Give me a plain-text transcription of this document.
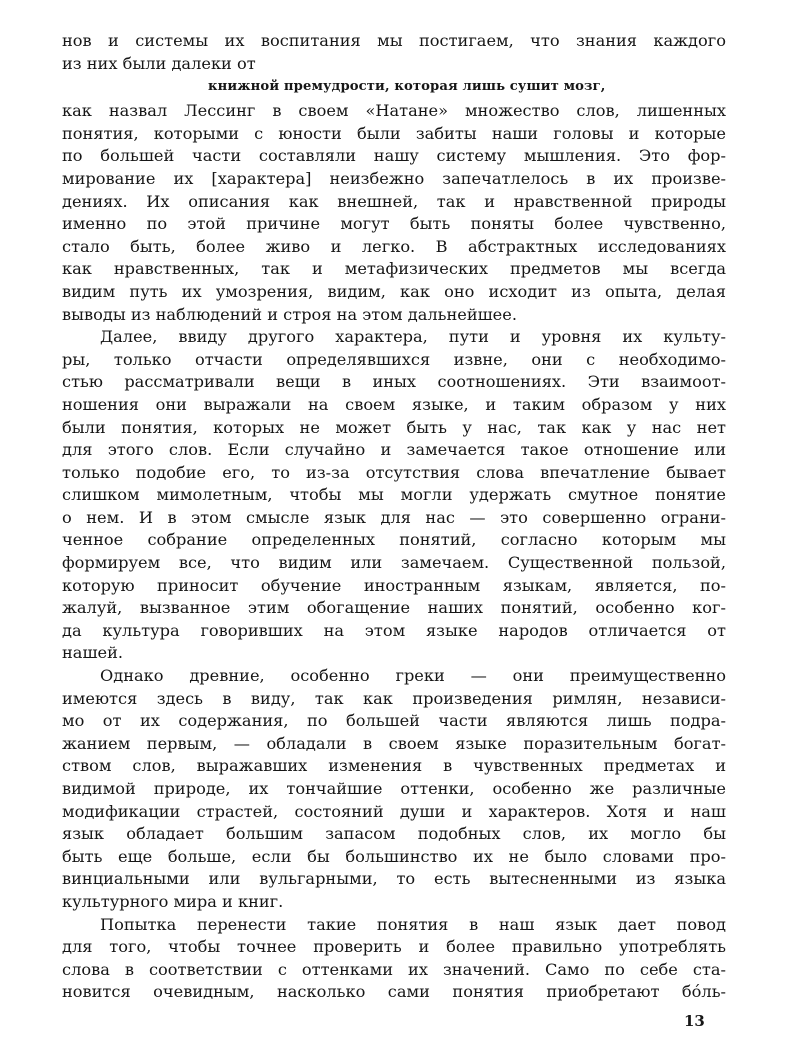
нов и системы их воспитания мы постигаем, что знания каждого
из них были далеки от
книжной премудрости, которая лишь сушит мозг,
как назвал Лессинг в своем «Натане» множество слов, лишенных
понятия, которыми с юности были забиты наши головы и которые
по большей части составляли нашу систему мышления. Это фор-
мирование их [характера] неизбежно запечатлелось в их произве-
дениях. Их описания как внешней, так и нравственной природы
именно по этой причине могут быть поняты более чувственно,
стало быть, более живо и легко. В абстрактных исследованиях
как нравственных, так и метафизических предметов мы всегда
видим путь их умозрения, видим, как оно исходит из опыта, делая
выводы из наблюдений и строя на этом дальнейшее.
Далее, ввиду другого характера, пути и уровня их культу-
ры, только отчасти определявшихся извне, они с необходимо-
стью рассматривали вещи в иных соотношениях. Эти взаимоот-
ношения они выражали на своем языке, и таким образом у них
были понятия, которых не может быть у нас, так как у нас нет
для этого слов. Если случайно и замечается такое отношение или
только подобие его, то из-за отсутствия слова впечатление бывает
слишком мимолетным, чтобы мы могли удержать смутное понятие
о нем. И в этом смысле язык для нас — это совершенно ограни-
ченное собрание определенных понятий, согласно которым мы
формируем все, что видим или замечаем. Существенной пользой,
которую приносит обучение иностранным языкам, является, по-
жалуй, вызванное этим обогащение наших понятий, особенно ког-
да культура говоривших на этом языке народов отличается от
нашей.
Однако древние, особенно греки — они преимущественно
имеются здесь в виду, так как произведения римлян, независи-
мо от их содержания, по большей части являются лишь подра-
жанием первым, — обладали в своем языке поразительным богат-
ством слов, выражавших изменения в чувственных предметах и
видимой природе, их тончайшие оттенки, особенно же различные
модификации страстей, состояний души и характеров. Хотя и наш
язык обладает большим запасом подобных слов, их могло бы
быть еще больше, если бы большинство их не было словами про-
винциальными или вульгарными, то есть вытесненными из языка
культурного мира и книг.
Попытка перенести такие понятия в наш язык дает повод
для того, чтобы точнее проверить и более правильно употреблять
слова в соответствии с оттенками их значений. Само по себе ста-
новится очевидным, насколько сами понятия приобретают бо́ль-
13
